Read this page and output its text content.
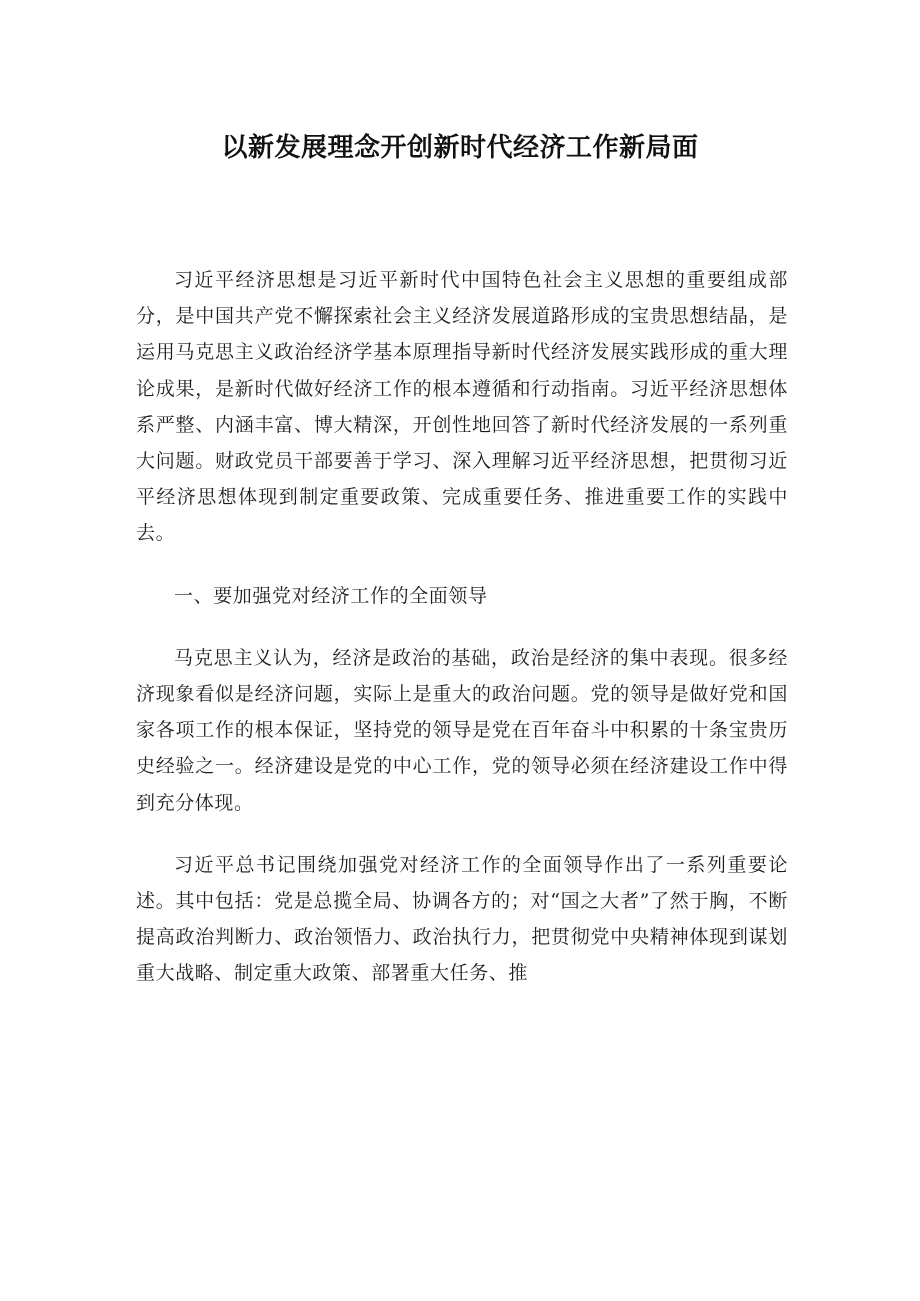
以新发展理念开创新时代经济工作新局面

习近平经济思想是习近平新时代中国特色社会主义思想的重要组成部分，是中国共产党不懈探索社会主义经济发展道路形成的宝贵思想结晶，是运用马克思主义政治经济学基本原理指导新时代经济发展实践形成的重大理论成果，是新时代做好经济工作的根本遵循和行动指南。习近平经济思想体系严整、内涵丰富、博大精深，开创性地回答了新时代经济发展的一系列重大问题。财政党员干部要善于学习、深入理解习近平经济思想，把贯彻习近平经济思想体现到制定重要政策、完成重要任务、推进重要工作的实践中去。

一、要加强党对经济工作的全面领导

马克思主义认为，经济是政治的基础，政治是经济的集中表现。很多经济现象看似是经济问题，实际上是重大的政治问题。党的领导是做好党和国家各项工作的根本保证，坚持党的领导是党在百年奋斗中积累的十条宝贵历史经验之一。经济建设是党的中心工作，党的领导必须在经济建设工作中得到充分体现。

习近平总书记围绕加强党对经济工作的全面领导作出了一系列重要论述。其中包括：党是总揽全局、协调各方的；对“国之大者”了然于胸，不断提高政治判断力、政治领悟力、政治执行力，把贯彻党中央精神体现到谋划重大战略、制定重大政策、部署重大任务、推
